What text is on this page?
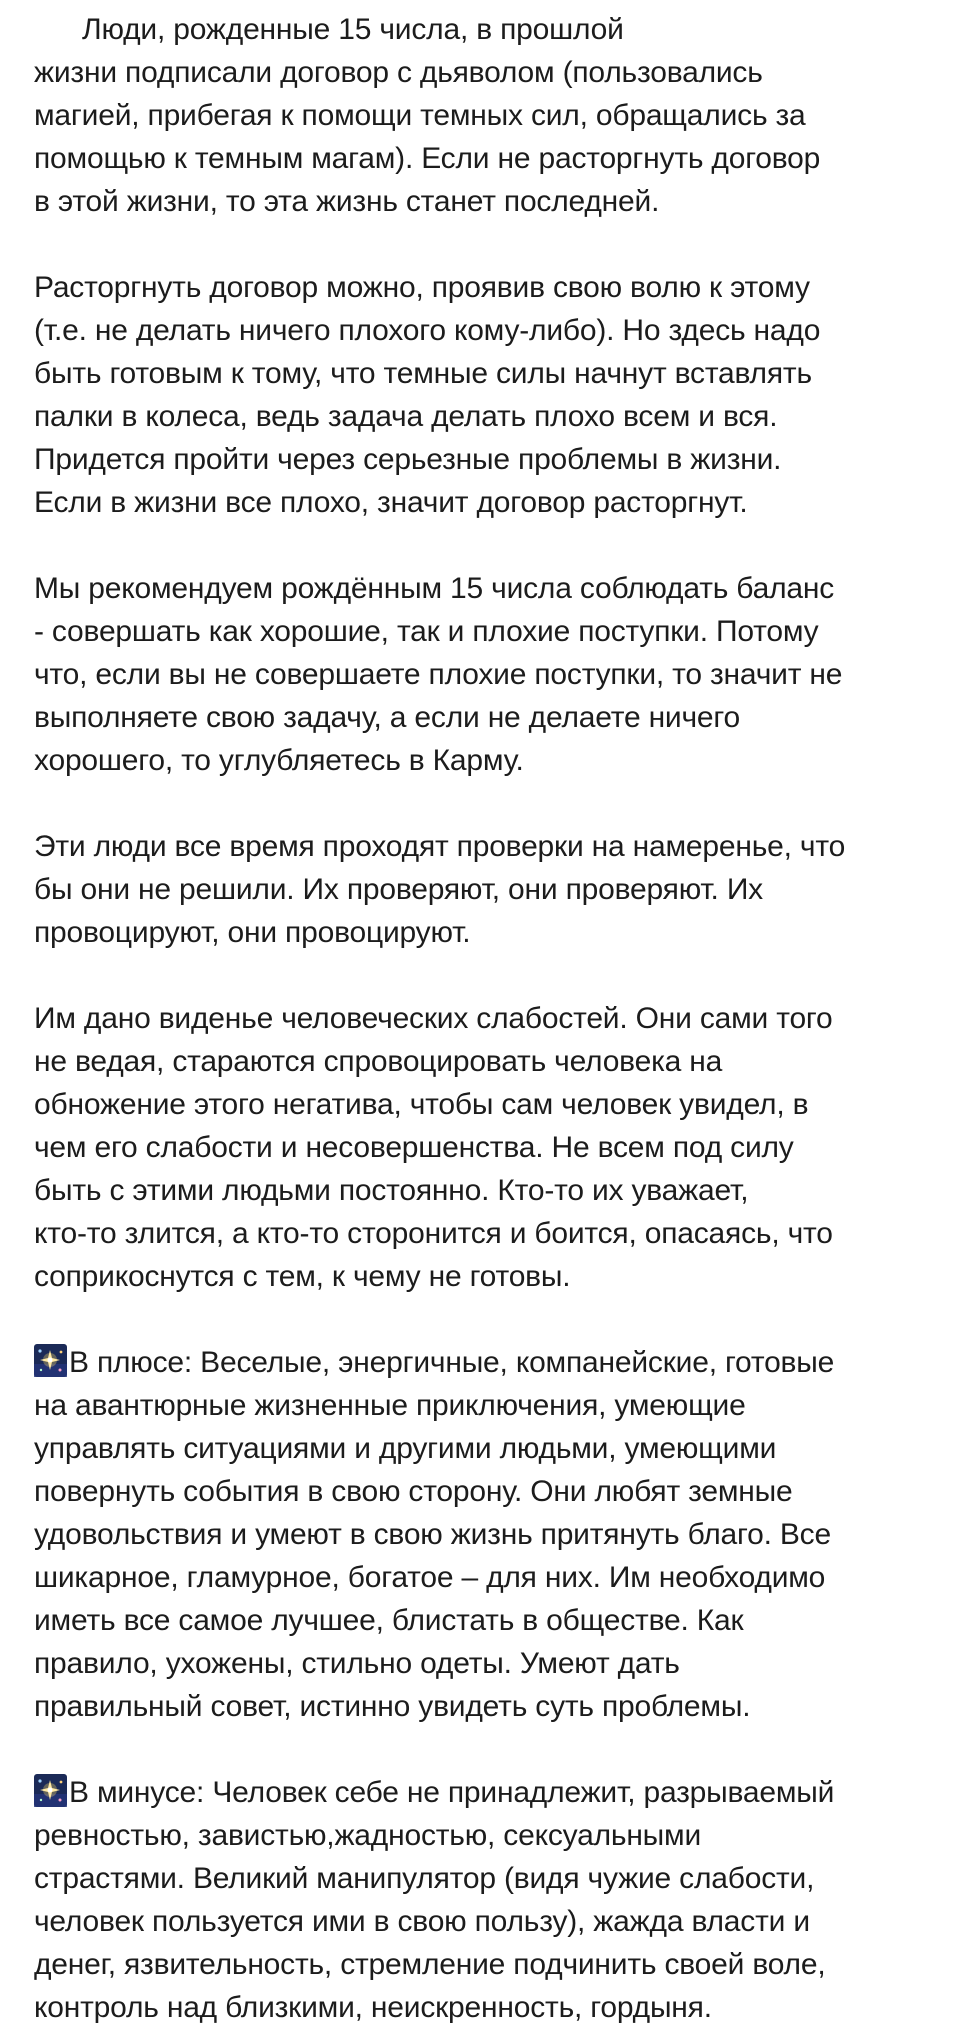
Люди, рожденные 15 числа, в прошлой
жизни подписали договор с дьяволом (пользовались
магией, прибегая к помощи темных сил, обращались за
помощью к темным магам). Если не расторгнуть договор
в этой жизни, то эта жизнь станет последней.
Расторгнуть договор можно, проявив свою волю к этому
(т.е. не делать ничего плохого кому-либо). Но здесь надо
быть готовым к тому, что темные силы начнут вставлять
палки в колеса, ведь задача делать плохо всем и вся.
Придется пройти через серьезные проблемы в жизни.
Если в жизни все плохо, значит договор расторгнут.
Мы рекомендуем рождённым 15 числа соблюдать баланс
- совершать как хорошие, так и плохие поступки. Потому
что, если вы не совершаете плохие поступки, то значит не
выполняете свою задачу, а если не делаете ничего
хорошего, то углубляетесь в Карму.
Эти люди все время проходят проверки на намеренье, что
бы они не решили. Их проверяют, они проверяют. Их
провоцируют, они провоцируют.
Им дано виденье человеческих слабостей. Они сами того
не ведая, стараются спровоцировать человека на
обножение этого негатива, чтобы сам человек увидел, в
чем его слабости и несовершенства. Не всем под силу
быть с этими людьми постоянно. Кто-то их уважает,
кто-то злится, а кто-то сторонится и боится, опасаясь, что
соприкоснутся с тем, к чему не готовы.
В плюсе: Веселые, энергичные, компанейские, готовые
на авантюрные жизненные приключения, умеющие
управлять ситуациями и другими людьми, умеющими
повернуть события в свою сторону. Они любят земные
удовольствия и умеют в свою жизнь притянуть благо. Все
шикарное, гламурное, богатое – для них. Им необходимо
иметь все самое лучшее, блистать в обществе. Как
правило, ухожены, стильно одеты. Умеют дать
правильный совет, истинно увидеть суть проблемы.
В минусе: Человек себе не принадлежит, разрываемый
ревностью, завистью,жадностью, сексуальными
страстями. Великий манипулятор (видя чужие слабости,
человек пользуется ими в свою пользу), жажда власти и
денег, язвительность, стремление подчинить своей воле,
контроль над близкими, неискренность, гордыня.
